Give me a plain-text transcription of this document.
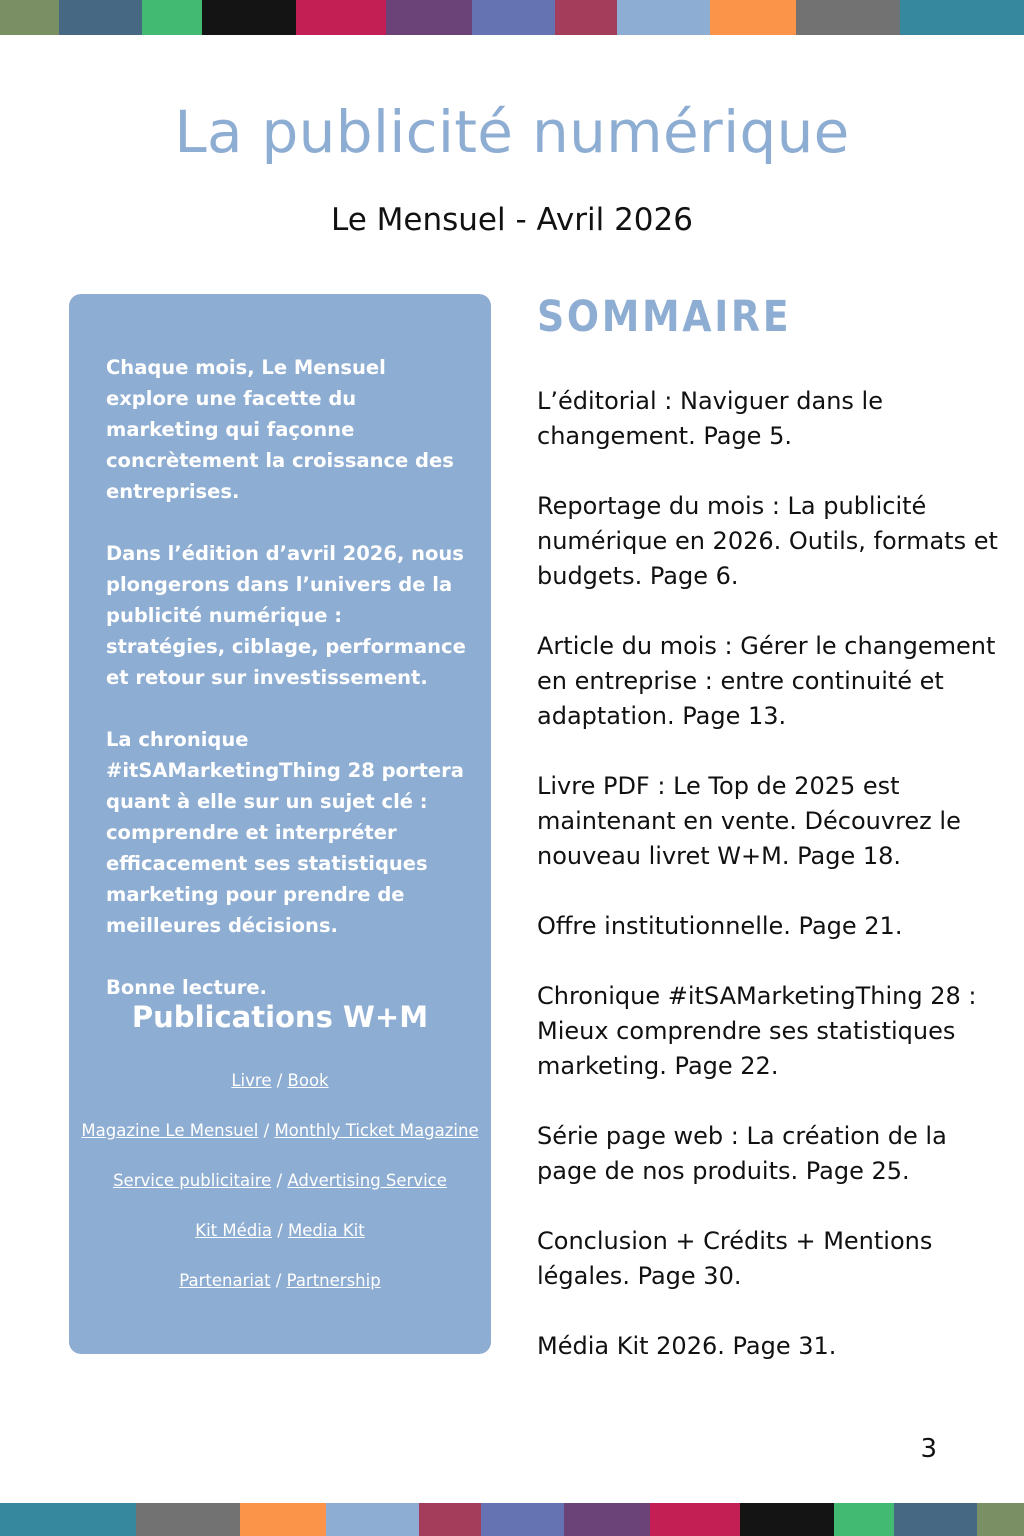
La publicité numérique
Le Mensuel - Avril 2026

Chaque mois, Le Mensuel explore une facette du marketing qui façonne concrètement la croissance des entreprises.

Dans l’édition d’avril 2026, nous plongerons dans l’univers de la publicité numérique : stratégies, ciblage, performance et retour sur investissement.

La chronique #itSAMarketingThing 28 portera quant à elle sur un sujet clé : comprendre et interpréter efficacement ses statistiques marketing pour prendre de meilleures décisions.

Bonne lecture.

Publications W+M
Livre / Book
Magazine Le Mensuel / Monthly Ticket Magazine
Service publicitaire / Advertising Service
Kit Média / Media Kit
Partenariat / Partnership
SOMMAIRE
L’éditorial : Naviguer dans le changement. Page 5.
Reportage du mois : La publicité numérique en 2026. Outils, formats et budgets. Page 6.
Article du mois : Gérer le changement en entreprise : entre continuité et adaptation. Page 13.
Livre PDF : Le Top de 2025 est maintenant en vente. Découvrez le nouveau livret W+M. Page 18.
Offre institutionnelle. Page 21.
Chronique #itSAMarketingThing 28 : Mieux comprendre ses statistiques marketing. Page 22.
Série page web : La création de la page de nos produits. Page 25.
Conclusion + Crédits + Mentions légales. Page 30.
Média Kit 2026. Page 31.
3
